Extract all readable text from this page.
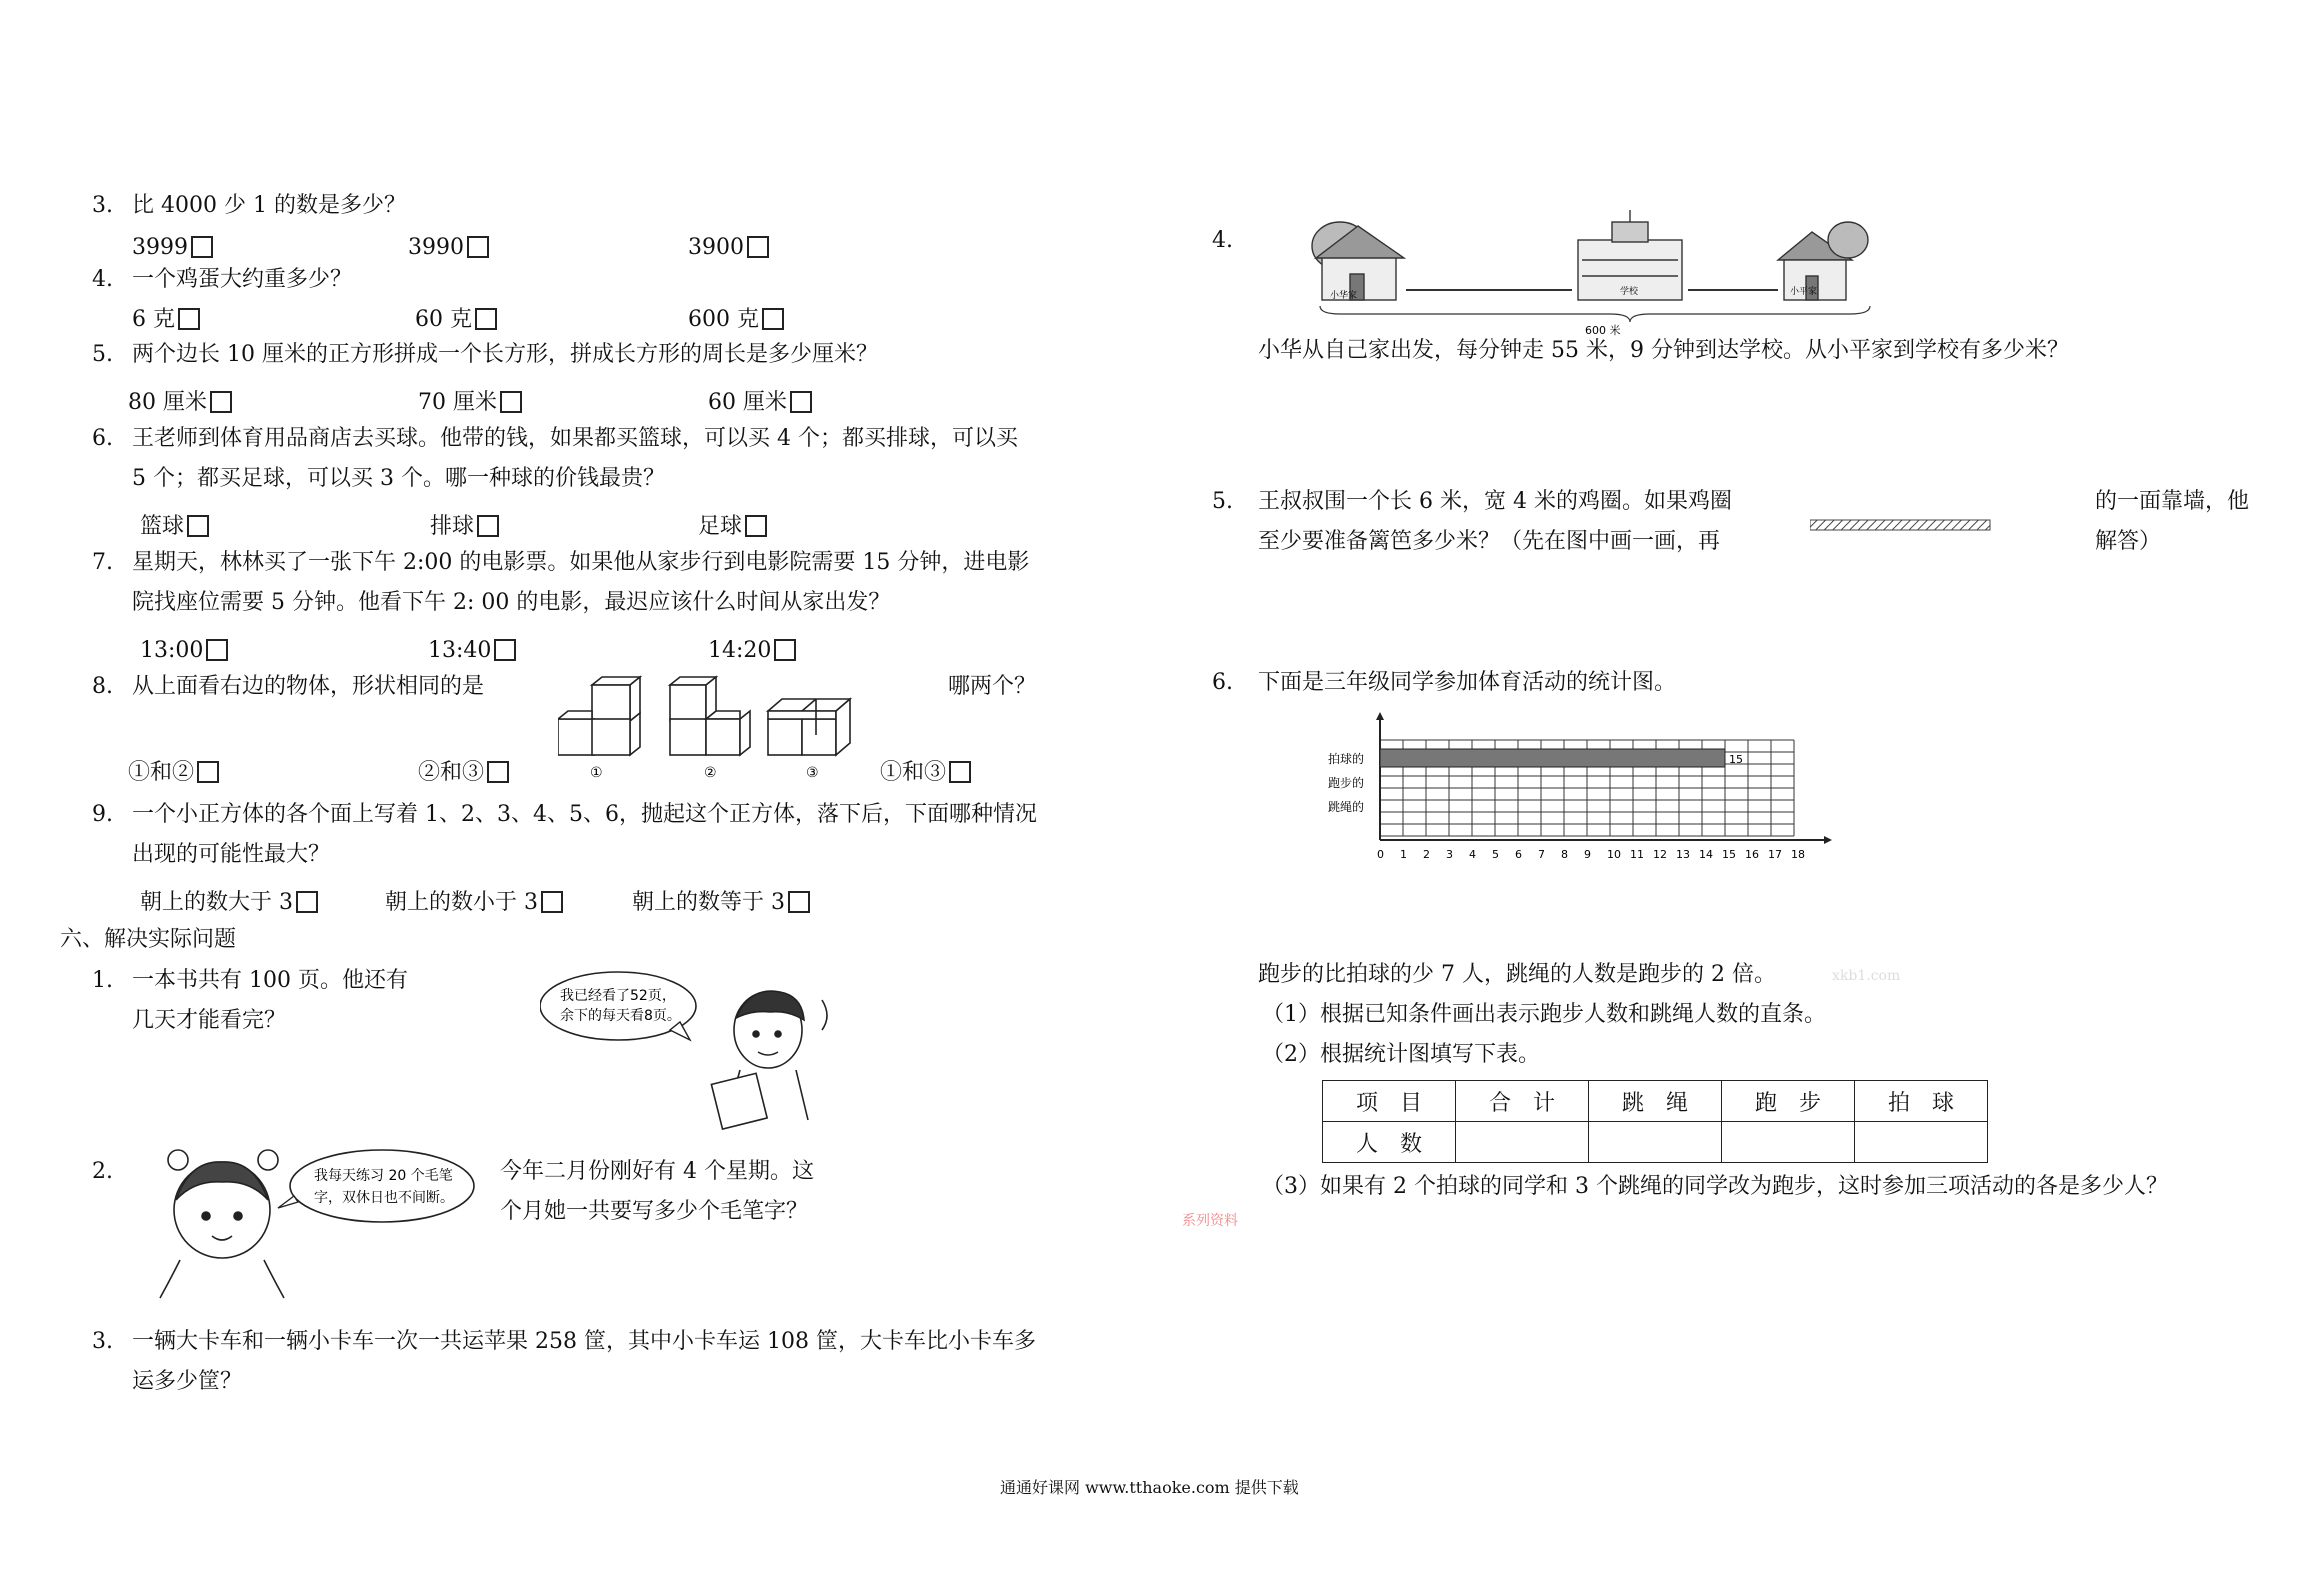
3. 比 4000 少 1 的数是多少？
3999	3990	3900
4. 一个鸡蛋大约重多少？
6 克	60 克	600 克
5. 两个边长 10 厘米的正方形拼成一个长方形，拼成长方形的周长是多少厘米？
80 厘米	70 厘米	60 厘米
6. 王老师到体育用品商店去买球。他带的钱，如果都买篮球，可以买 4 个；都买排球，可以买
5 个；都买足球，可以买 3 个。哪一种球的价钱最贵？
篮球	排球	足球
7. 星期天，林林买了一张下午 2:00 的电影票。如果他从家步行到电影院需要 15 分钟，进电影
院找座位需要 5 分钟。他看下午 2: 00 的电影，最迟应该什么时间从家出发？
13:00	13:40	14:20
8. 从上面看右边的物体，形状相同的是	哪两个？
①	②	③
①和②	②和③	①和③
9. 一个小正方体的各个面上写着 1、2、3、4、5、6，抛起这个正方体，落下后，下面哪种情况
出现的可能性最大？
朝上的数大于 3	朝上的数小于 3	朝上的数等于 3
六、解决实际问题
1. 一本书共有 100 页。他还有
几天才能看完？
我已经看了52页，
余下的每天看8页。
2.	今年二月份刚好有 4 个星期。这
个月她一共要写多少个毛笔字？
我每天练习 20 个毛笔
字，双休日也不间断。
3. 一辆大卡车和一辆小卡车一次一共运苹果 258 筐，其中小卡车运 108 筐，大卡车比小卡车多
运多少筐？
4.
小华家	学校	小平家
600 米
小华从自己家出发，每分钟走 55 米，9 分钟到达学校。从小平家到学校有多少米？
5. 王叔叔围一个长 6 米，宽 4 米的鸡圈。如果鸡圈
至少要准备篱笆多少米？（先在图中画一画，再
的一面靠墙，他
解答）
6. 下面是三年级同学参加体育活动的统计图。
拍球的	15
跑步的
跳绳的
0 1 2 3 4 5 6 7 8 9 10 11 12 13 14 15 16 17 18
跑步的比拍球的少 7 人，跳绳的人数是跑步的 2 倍。	xkb1.com
（1）根据已知条件画出表示跑步人数和跳绳人数的直条。
（2）根据统计图填写下表。
项　目	合　计	跳　绳	跑　步	拍　球
人　数				
（3）如果有 2 个拍球的同学和 3 个跳绳的同学改为跑步，这时参加三项活动的各是多少人？
系列资料
通通好课网 www.tthaoke.com 提供下载
